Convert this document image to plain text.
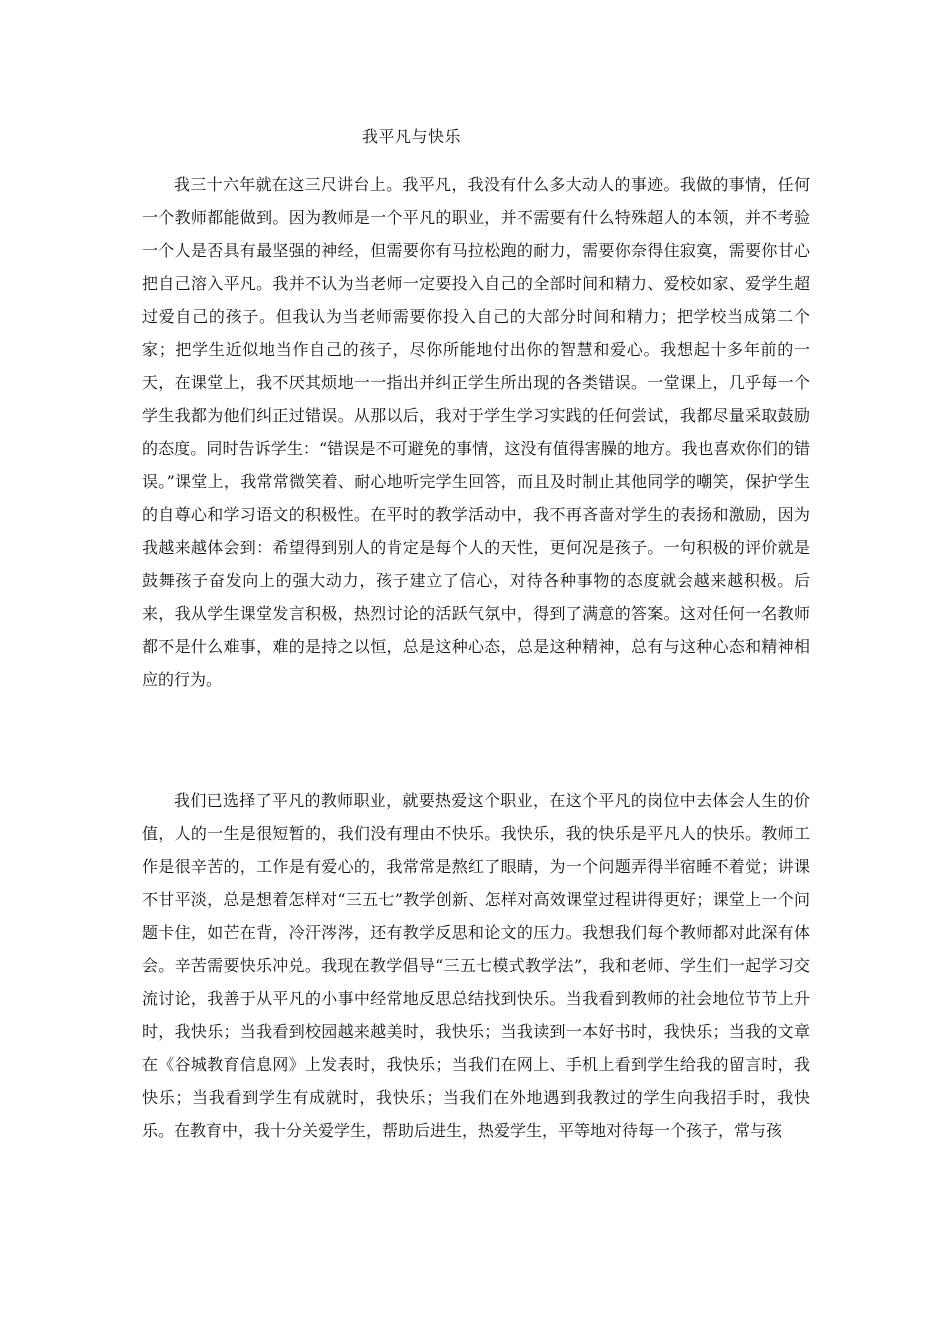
我平凡与快乐

我三十六年就在这三尺讲台上。我平凡，我没有什么多大动人的事迹。我做的事情，任何一个教师都能做到。因为教师是一个平凡的职业，并不需要有什么特殊超人的本领，并不考验一个人是否具有最坚强的神经，但需要你有马拉松跑的耐力，需要你奈得住寂寞，需要你甘心把自己溶入平凡。我并不认为当老师一定要投入自己的全部时间和精力、爱校如家、爱学生超过爱自己的孩子。但我认为当老师需要你投入自己的大部分时间和精力；把学校当成第二个家；把学生近似地当作自己的孩子，尽你所能地付出你的智慧和爱心。我想起十多年前的一天，在课堂上，我不厌其烦地一一指出并纠正学生所出现的各类错误。一堂课上，几乎每一个学生我都为他们纠正过错误。从那以后，我对于学生学习实践的任何尝试，我都尽量采取鼓励的态度。同时告诉学生：“错误是不可避免的事情，这没有值得害臊的地方。我也喜欢你们的错误。”课堂上，我常常微笑着、耐心地听完学生回答，而且及时制止其他同学的嘲笑，保护学生的自尊心和学习语文的积极性。在平时的教学活动中，我不再吝啬对学生的表扬和激励，因为我越来越体会到：希望得到别人的肯定是每个人的天性，更何况是孩子。一句积极的评价就是鼓舞孩子奋发向上的强大动力，孩子建立了信心，对待各种事物的态度就会越来越积极。后来，我从学生课堂发言积极，热烈讨论的活跃气氛中，得到了满意的答案。这对任何一名教师都不是什么难事，难的是持之以恒，总是这种心态，总是这种精神，总有与这种心态和精神相应的行为。

我们已选择了平凡的教师职业，就要热爱这个职业，在这个平凡的岗位中去体会人生的价值，人的一生是很短暂的，我们没有理由不快乐。我快乐，我的快乐是平凡人的快乐。教师工作是很辛苦的，工作是有爱心的，我常常是熬红了眼睛，为一个问题弄得半宿睡不着觉；讲课不甘平淡，总是想着怎样对“三五七”教学创新、怎样对高效课堂过程讲得更好；课堂上一个问题卡住，如芒在背，冷汗涔涔，还有教学反思和论文的压力。我想我们每个教师都对此深有体会。辛苦需要快乐冲兑。我现在教学倡导“三五七模式教学法”，我和老师、学生们一起学习交流讨论，我善于从平凡的小事中经常地反思总结找到快乐。当我看到教师的社会地位节节上升时，我快乐；当我看到校园越来越美时，我快乐；当我读到一本好书时，我快乐；当我的文章在《谷城教育信息网》上发表时，我快乐；当我们在网上、手机上看到学生给我的留言时，我快乐；当我看到学生有成就时，我快乐；当我们在外地遇到我教过的学生向我招手时，我快乐。在教育中，我十分关爱学生，帮助后进生，热爱学生，平等地对待每一个孩子，常与孩
